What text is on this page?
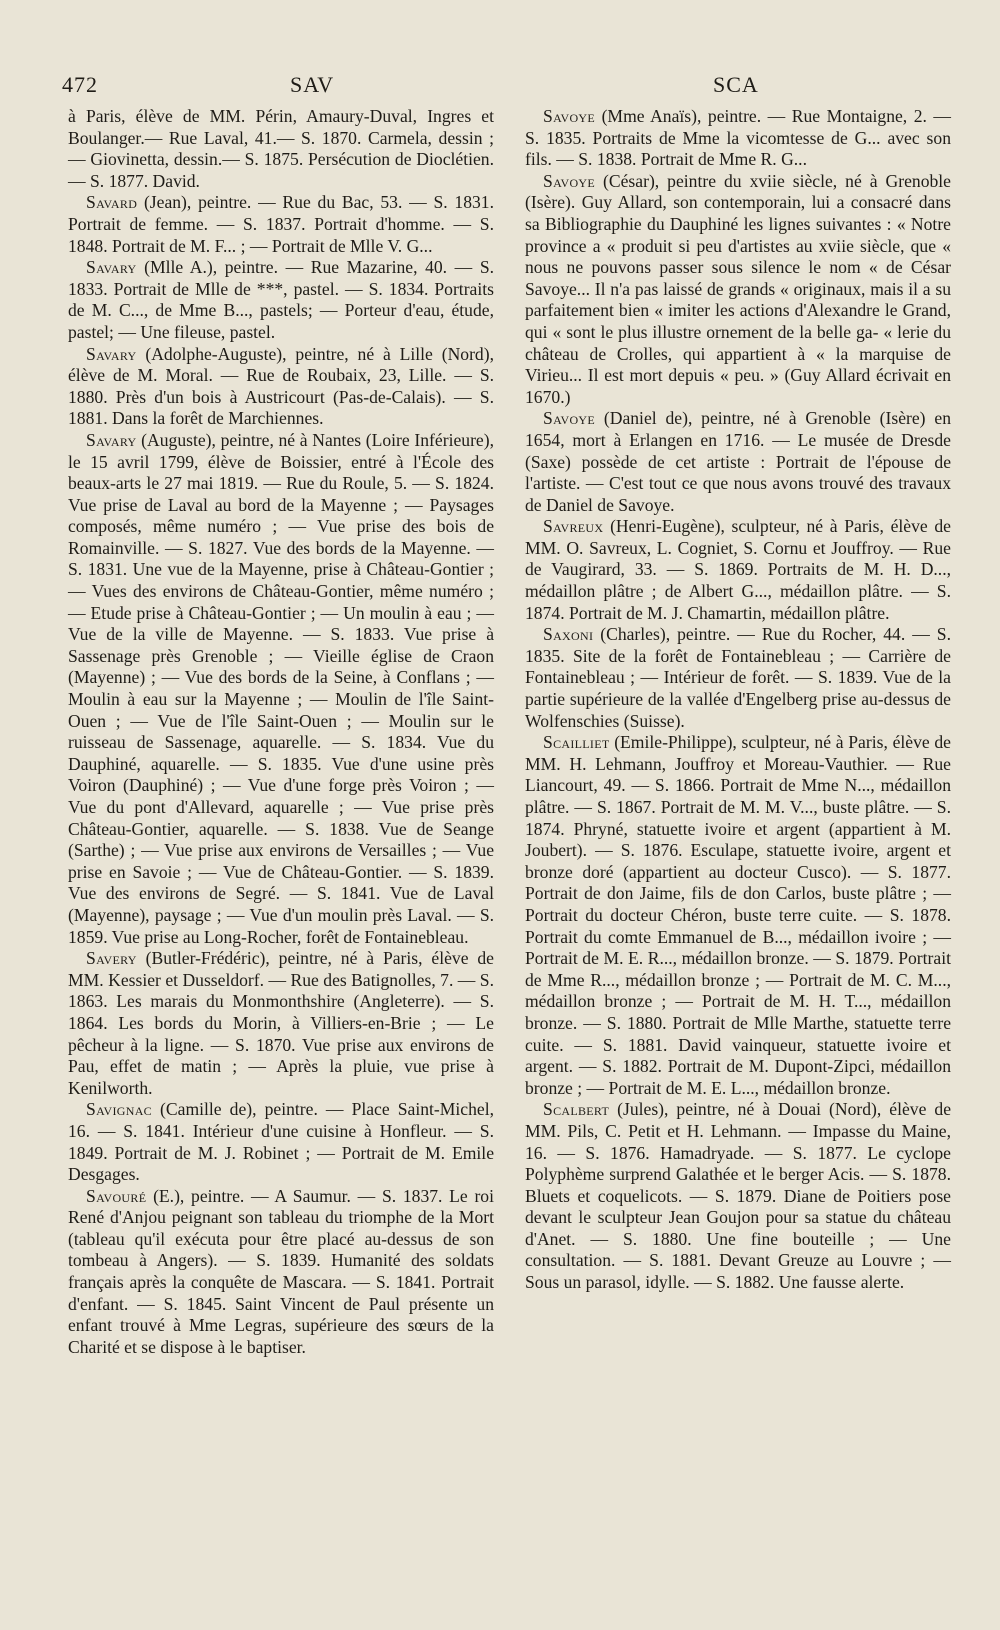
472	SAV	SCA

à Paris, élève de MM. Périn, Amaury-Duval, Ingres et Boulanger.— Rue Laval, 41.— S. 1870. Carmela, dessin ; — Giovinetta, dessin.— S. 1875. Persécution de Dioclétien. — S. 1877. David.

Savard (Jean), peintre. — Rue du Bac, 53. — S. 1831. Portrait de femme. — S. 1837. Portrait d'homme. — S. 1848. Portrait de M. F... ; — Portrait de Mlle V. G...

Savary (Mlle A.), peintre. — Rue Mazarine, 40. — S. 1833. Portrait de Mlle de ***, pastel. — S. 1834. Portraits de M. C..., de Mme B..., pastels; — Porteur d'eau, étude, pastel; — Une fileuse, pastel.

Savary (Adolphe-Auguste), peintre, né à Lille (Nord), élève de M. Moral. — Rue de Roubaix, 23, Lille. — S. 1880. Près d'un bois à Austricourt (Pas-de-Calais). — S. 1881. Dans la forêt de Marchiennes.

Savary (Auguste), peintre, né à Nantes (Loire Inférieure), le 15 avril 1799, élève de Boissier, entré à l'École des beaux-arts le 27 mai 1819. — Rue du Roule, 5. — S. 1824. Vue prise de Laval au bord de la Mayenne ; — Paysages composés, même numéro ; — Vue prise des bois de Romainville. — S. 1827. Vue des bords de la Mayenne. — S. 1831. Une vue de la Mayenne, prise à Château-Gontier ; — Vues des environs de Château-Gontier, même numéro ; — Etude prise à Château-Gontier ; — Un moulin à eau ; — Vue de la ville de Mayenne. — S. 1833. Vue prise à Sassenage près Grenoble ; — Vieille église de Craon (Mayenne) ; — Vue des bords de la Seine, à Conflans ; — Moulin à eau sur la Mayenne ; — Moulin de l'île Saint-Ouen ; — Vue de l'île Saint-Ouen ; — Moulin sur le ruisseau de Sassenage, aquarelle. — S. 1834. Vue du Dauphiné, aquarelle. — S. 1835. Vue d'une usine près Voiron (Dauphiné) ; — Vue d'une forge près Voiron ; — Vue du pont d'Allevard, aquarelle ; — Vue prise près Château-Gontier, aquarelle. — S. 1838. Vue de Seange (Sarthe) ; — Vue prise aux environs de Versailles ; — Vue prise en Savoie ; — Vue de Château-Gontier. — S. 1839. Vue des environs de Segré. — S. 1841. Vue de Laval (Mayenne), paysage ; — Vue d'un moulin près Laval. — S. 1859. Vue prise au Long-Rocher, forêt de Fontainebleau.

Savery (Butler-Frédéric), peintre, né à Paris, élève de MM. Kessier et Dusseldorf. — Rue des Batignolles, 7. — S. 1863. Les marais du Monmonthshire (Angleterre). — S. 1864. Les bords du Morin, à Villiers-en-Brie ; — Le pêcheur à la ligne. — S. 1870. Vue prise aux environs de Pau, effet de matin ; — Après la pluie, vue prise à Kenilworth.

Savignac (Camille de), peintre. — Place Saint-Michel, 16. — S. 1841. Intérieur d'une cuisine à Honfleur. — S. 1849. Portrait de M. J. Robinet ; — Portrait de M. Emile Desgages.

Savouré (E.), peintre. — A Saumur. — S. 1837. Le roi René d'Anjou peignant son tableau du triomphe de la Mort (tableau qu'il exécuta pour être placé au-dessus de son tombeau à Angers). — S. 1839. Humanité des soldats français après la conquête de Mascara. — S. 1841. Portrait d'enfant. — S. 1845. Saint Vincent de Paul présente un enfant trouvé à Mme Legras, supérieure des sœurs de la Charité et se dispose à le baptiser.

Savoye (Mme Anaïs), peintre. — Rue Montaigne, 2. — S. 1835. Portraits de Mme la vicomtesse de G... avec son fils. — S. 1838. Portrait de Mme R. G...

Savoye (César), peintre du xviie siècle, né à Grenoble (Isère). Guy Allard, son contemporain, lui a consacré dans sa Bibliographie du Dauphiné les lignes suivantes : « Notre province a « produit si peu d'artistes au xviie siècle, que « nous ne pouvons passer sous silence le nom « de César Savoye... Il n'a pas laissé de grands « originaux, mais il a su parfaitement bien « imiter les actions d'Alexandre le Grand, qui « sont le plus illustre ornement de la belle ga- « lerie du château de Crolles, qui appartient à « la marquise de Virieu... Il est mort depuis « peu. » (Guy Allard écrivait en 1670.)

Savoye (Daniel de), peintre, né à Grenoble (Isère) en 1654, mort à Erlangen en 1716. — Le musée de Dresde (Saxe) possède de cet artiste : Portrait de l'épouse de l'artiste. — C'est tout ce que nous avons trouvé des travaux de Daniel de Savoye.

Savreux (Henri-Eugène), sculpteur, né à Paris, élève de MM. O. Savreux, L. Cogniet, S. Cornu et Jouffroy. — Rue de Vaugirard, 33. — S. 1869. Portraits de M. H. D..., médaillon plâtre ; de Albert G..., médaillon plâtre. — S. 1874. Portrait de M. J. Chamartin, médaillon plâtre.

Saxoni (Charles), peintre. — Rue du Rocher, 44. — S. 1835. Site de la forêt de Fontainebleau ; — Carrière de Fontainebleau ; — Intérieur de forêt. — S. 1839. Vue de la partie supérieure de la vallée d'Engelberg prise au-dessus de Wolfenschies (Suisse).

Scailliet (Emile-Philippe), sculpteur, né à Paris, élève de MM. H. Lehmann, Jouffroy et Moreau-Vauthier. — Rue Liancourt, 49. — S. 1866. Portrait de Mme N..., médaillon plâtre. — S. 1867. Portrait de M. M. V..., buste plâtre. — S. 1874. Phryné, statuette ivoire et argent (appartient à M. Joubert). — S. 1876. Esculape, statuette ivoire, argent et bronze doré (appartient au docteur Cusco). — S. 1877. Portrait de don Jaime, fils de don Carlos, buste plâtre ; — Portrait du docteur Chéron, buste terre cuite. — S. 1878. Portrait du comte Emmanuel de B..., médaillon ivoire ; — Portrait de M. E. R..., médaillon bronze. — S. 1879. Portrait de Mme R..., médaillon bronze ; — Portrait de M. C. M..., médaillon bronze ; — Portrait de M. H. T..., médaillon bronze. — S. 1880. Portrait de Mlle Marthe, statuette terre cuite. — S. 1881. David vainqueur, statuette ivoire et argent. — S. 1882. Portrait de M. Dupont-Zipci, médaillon bronze ; — Portrait de M. E. L..., médaillon bronze.

Scalbert (Jules), peintre, né à Douai (Nord), élève de MM. Pils, C. Petit et H. Lehmann. — Impasse du Maine, 16. — S. 1876. Hamadryade. — S. 1877. Le cyclope Polyphème surprend Galathée et le berger Acis. — S. 1878. Bluets et coquelicots. — S. 1879. Diane de Poitiers pose devant le sculpteur Jean Goujon pour sa statue du château d'Anet. — S. 1880. Une fine bouteille ; — Une consultation. — S. 1881. Devant Greuze au Louvre ; — Sous un parasol, idylle. — S. 1882. Une fausse alerte.
